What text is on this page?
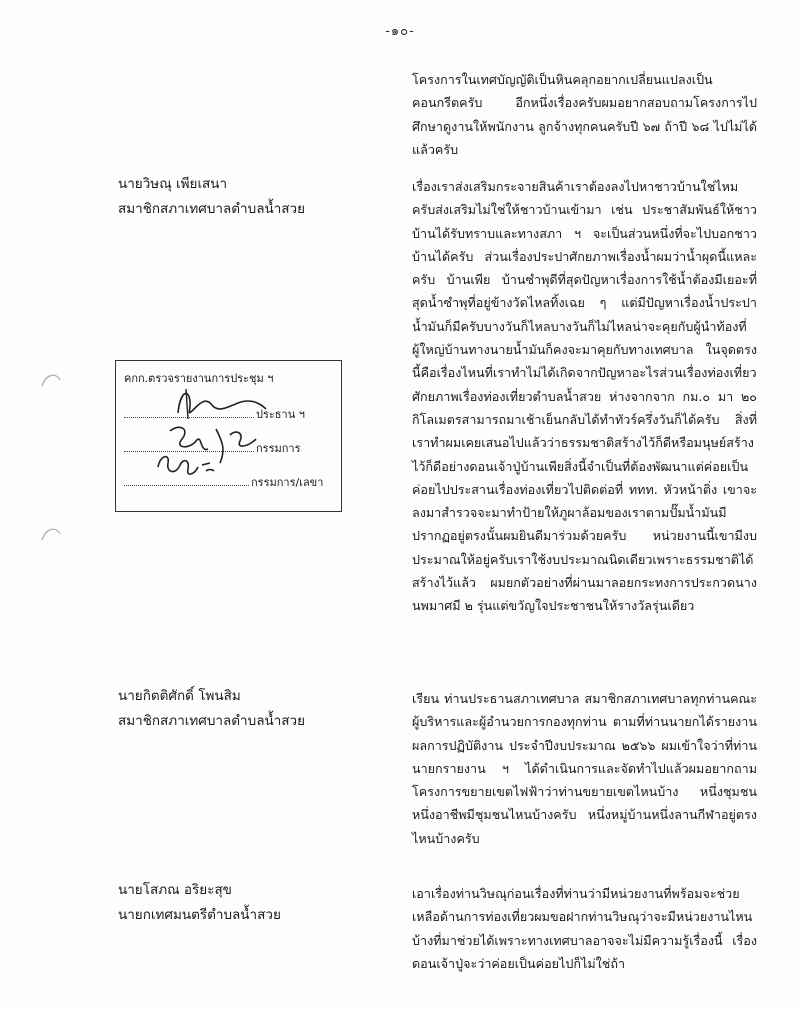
-๑๐-

โครงการในเทศบัญญัติเป็นหินคลุกอยากเปลี่ยนแปลงเป็นคอนกรีตครับ อีกหนึ่งเรื่องครับผมอยากสอบถามโครงการไปศึกษาดูงานให้พนักงาน ลูกจ้างทุกคนครับปี ๖๗ ถ้าปี ๖๘ ไปไม่ได้แล้วครับ

นายวิษณุ เพียเสนา
สมาชิกสภาเทศบาลตำบลน้ำสวย

เรื่องเราส่งเสริมกระจายสินค้าเราต้องลงไปหาชาวบ้านใช่ไหมครับส่งเสริมไม่ใช่ให้ชาวบ้านเข้ามา เช่น ประชาสัมพันธ์ให้ชาวบ้านได้รับทราบและทางสภา ฯ จะเป็นส่วนหนึ่งที่จะไปบอกชาวบ้านได้ครับ ส่วนเรื่องประปาศักยภาพเรื่องน้ำผมว่าน้ำผุดนี้แหละครับ บ้านเพีย บ้านซำพุดีที่สุดปัญหาเรื่องการใช้น้ำต้องมีเยอะที่สุดน้ำซำพุที่อยู่ข้างวัดไหลทิ้งเฉย ๆ แต่มีปัญหาเรื่องน้ำประปาน้ำมันก็มีครับบางวันก็ไหลบางวันก็ไม่ไหลน่าจะคุยกับผู้นำท้องที่ผู้ใหญ่บ้านทางนายน้ำมันก็คงจะมาคุยกับทางเทศบาล ในจุดตรงนี้คือเรื่องไหนที่เราทำไม่ได้เกิดจากปัญหาอะไรส่วนเรื่องท่องเที่ยวศักยภาพเรื่องท่องเที่ยวตำบลน้ำสวย ห่างจากจาก กม.๐ มา ๒๐ กิโลเมตรสามารถมาเช้าเย็นกลับได้ทำทัวร์ครึ่งวันก็ได้ครับ สิ่งที่เราทำผมเคยเสนอไปแล้วว่าธรรมชาติสร้างไว้ก็ดีหรือมนุษย์สร้างไว้ก็ดีอย่างดอนเจ้าปู่บ้านเพียสิ่งนี้จำเป็นที่ต้องพัฒนาแต่ค่อยเป็นค่อยไปประสานเรื่องท่องเที่ยวไปติดต่อที่ ททท. หัวหน้าติ่ง เขาจะลงมาสำรวจจะมาทำป้ายให้ภูผาล้อมของเราตามปั๊มน้ำมันมีปรากฏอยู่ตรงนั้นผมยินดีมาร่วมด้วยครับ หน่วยงานนี้เขามีงบประมาณให้อยู่ครับเราใช้งบประมาณนิดเดียวเพราะธรรมชาติได้สร้างไว้แล้ว ผมยกตัวอย่างที่ผ่านมาลอยกระทงการประกวดนางนพมาศมี ๒ รุ่นแต่ขวัญใจประชาชนให้รางวัลรุ่นเดียว

นายกิตติศักดิ์ โพนสิม
สมาชิกสภาเทศบาลตำบลน้ำสวย

เรียน ท่านประธานสภาเทศบาล สมาชิกสภาเทศบาลทุกท่านคณะผู้บริหารและผู้อำนวยการกองทุกท่าน ตามที่ท่านนายกได้รายงานผลการปฏิบัติงาน ประจำปีงบประมาณ ๒๕๖๖ ผมเข้าใจว่าที่ท่านนายกรายงาน ฯ ได้ดำเนินการและจัดทำไปแล้วผมอยากถามโครงการขยายเขตไฟฟ้าว่าท่านขยายเขตไหนบ้าง หนึ่งชุมชนหนึ่งอาชีพมีชุมชนไหนบ้างครับ หนึ่งหมู่บ้านหนึ่งลานกีฬาอยู่ตรงไหนบ้างครับ

นายโสภณ อริยะสุข
นายกเทศมนตรีตำบลน้ำสวย

เอาเรื่องท่านวิษณุก่อนเรื่องที่ท่านว่ามีหน่วยงานที่พร้อมจะช่วยเหลือด้านการท่องเที่ยวผมขอฝากท่านวิษณุว่าจะมีหน่วยงานไหนบ้างที่มาช่วยได้เพราะทางเทศบาลอาจจะไม่มีความรู้เรื่องนี้ เรื่องดอนเจ้าปู่จะว่าค่อยเป็นค่อยไปก็ไม่ใช่ถ้า

คกก.ตรวจรายงานการประชุม ฯ
ประธาน ฯ
กรรมการ
กรรมการ/เลขา
